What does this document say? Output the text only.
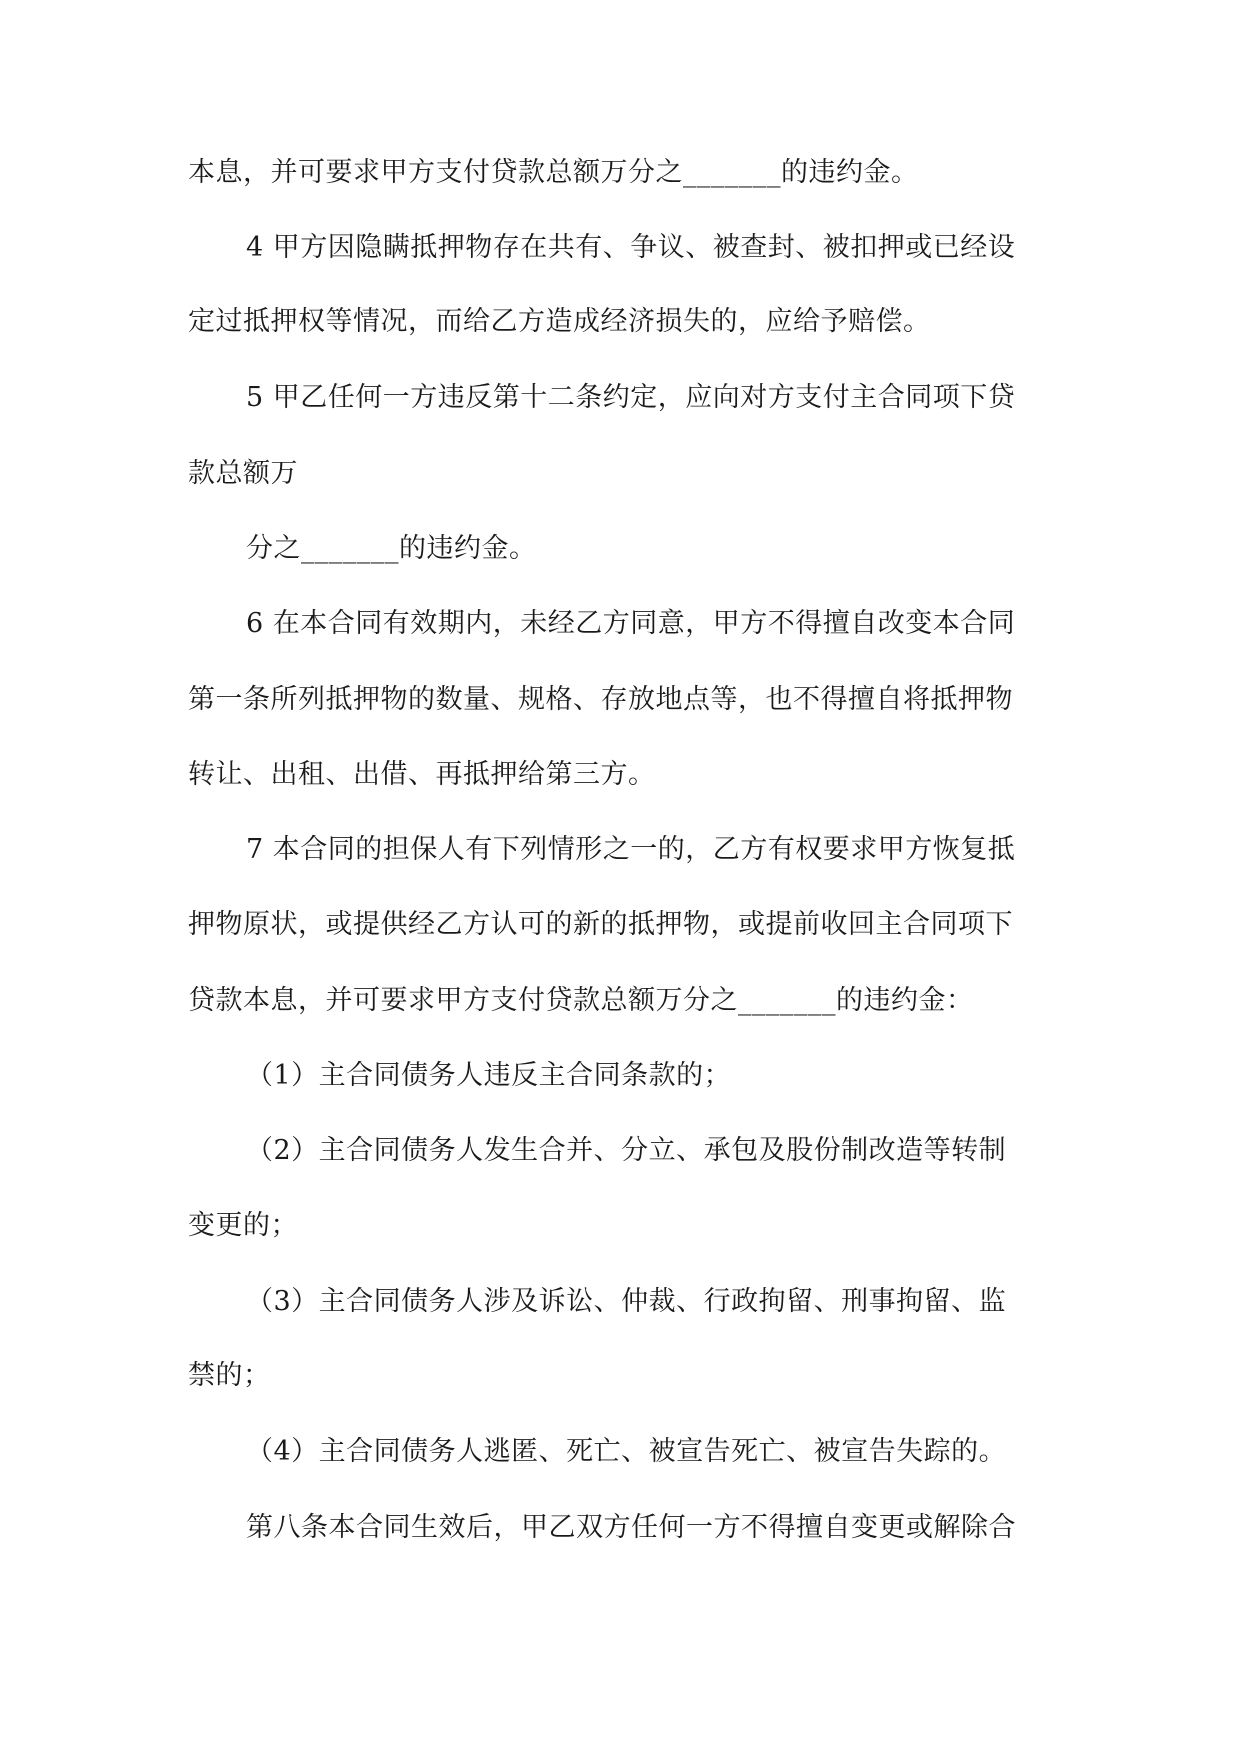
本息，并可要求甲方支付贷款总额万分之_______的违约金。
4 甲方因隐瞒抵押物存在共有、争议、被查封、被扣押或已经设
定过抵押权等情况，而给乙方造成经济损失的，应给予赔偿。
5 甲乙任何一方违反第十二条约定，应向对方支付主合同项下贷
款总额万
分之_______的违约金。
6 在本合同有效期内，未经乙方同意，甲方不得擅自改变本合同
第一条所列抵押物的数量、规格、存放地点等，也不得擅自将抵押物
转让、出租、出借、再抵押给第三方。
7 本合同的担保人有下列情形之一的，乙方有权要求甲方恢复抵
押物原状，或提供经乙方认可的新的抵押物，或提前收回主合同项下
贷款本息，并可要求甲方支付贷款总额万分之_______的违约金：
（1）主合同债务人违反主合同条款的；
（2）主合同债务人发生合并、分立、承包及股份制改造等转制
变更的；
（3）主合同债务人涉及诉讼、仲裁、行政拘留、刑事拘留、监
禁的；
（4）主合同债务人逃匿、死亡、被宣告死亡、被宣告失踪的。
第八条本合同生效后，甲乙双方任何一方不得擅自变更或解除合
